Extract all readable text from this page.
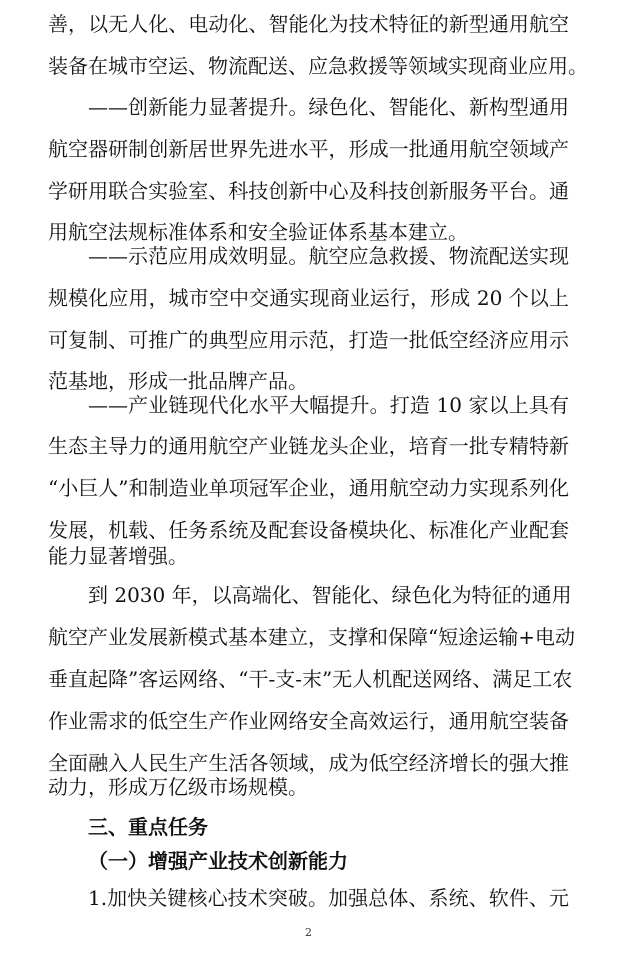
善，以无人化、电动化、智能化为技术特征的新型通用航空
装备在城市空运、物流配送、应急救援等领域实现商业应用。
——创新能力显著提升。绿色化、智能化、新构型通用
航空器研制创新居世界先进水平，形成一批通用航空领域产
学研用联合实验室、科技创新中心及科技创新服务平台。通
用航空法规标准体系和安全验证体系基本建立。
——示范应用成效明显。航空应急救援、物流配送实现
规模化应用，城市空中交通实现商业运行，形成 20 个以上
可复制、可推广的典型应用示范，打造一批低空经济应用示
范基地，形成一批品牌产品。
——产业链现代化水平大幅提升。打造 10 家以上具有
生态主导力的通用航空产业链龙头企业，培育一批专精特新
“小巨人”和制造业单项冠军企业，通用航空动力实现系列化
发展，机载、任务系统及配套设备模块化、标准化产业配套
能力显著增强。
到 2030 年，以高端化、智能化、绿色化为特征的通用
航空产业发展新模式基本建立，支撑和保障“短途运输+电动
垂直起降”客运网络、“干-支-末”无人机配送网络、满足工农
作业需求的低空生产作业网络安全高效运行，通用航空装备
全面融入人民生产生活各领域，成为低空经济增长的强大推
动力，形成万亿级市场规模。
三、重点任务
（一）增强产业技术创新能力
1.加快关键核心技术突破。加强总体、系统、软件、元
2
